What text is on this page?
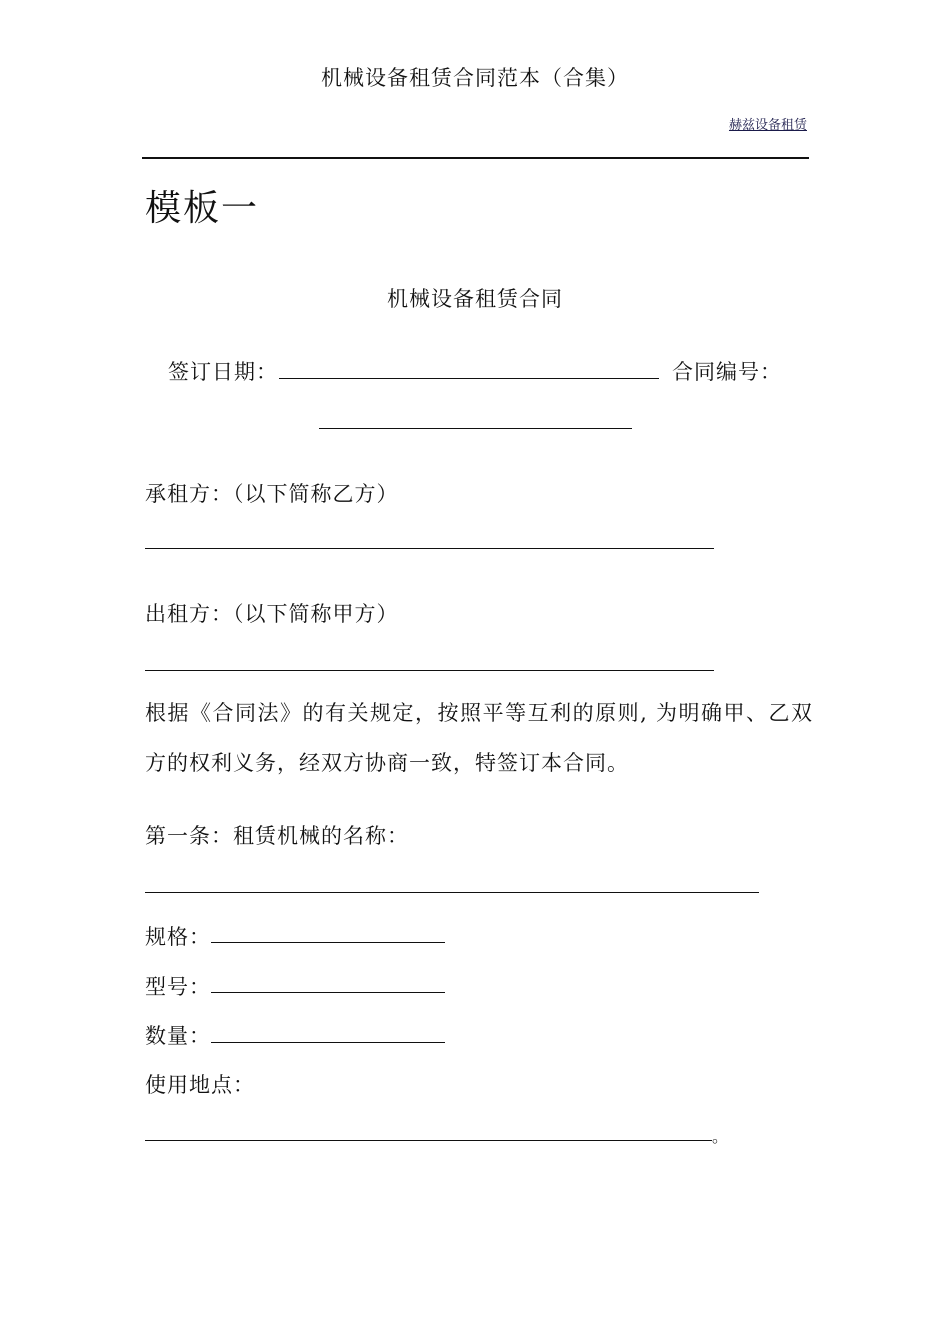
机械设备租赁合同范本（合集）
赫兹设备租赁
模板一
机械设备租赁合同
签订日期：	合同编号：
承租方：（以下简称乙方）
出租方：（以下简称甲方）
根据《合同法》的有关规定，按照平等互利的原则, 为明确甲、乙双方的权利义务，经双方协商一致，特签订本合同。
第一条：租赁机械的名称：
规格：
型号：
数量：
使用地点：
。
